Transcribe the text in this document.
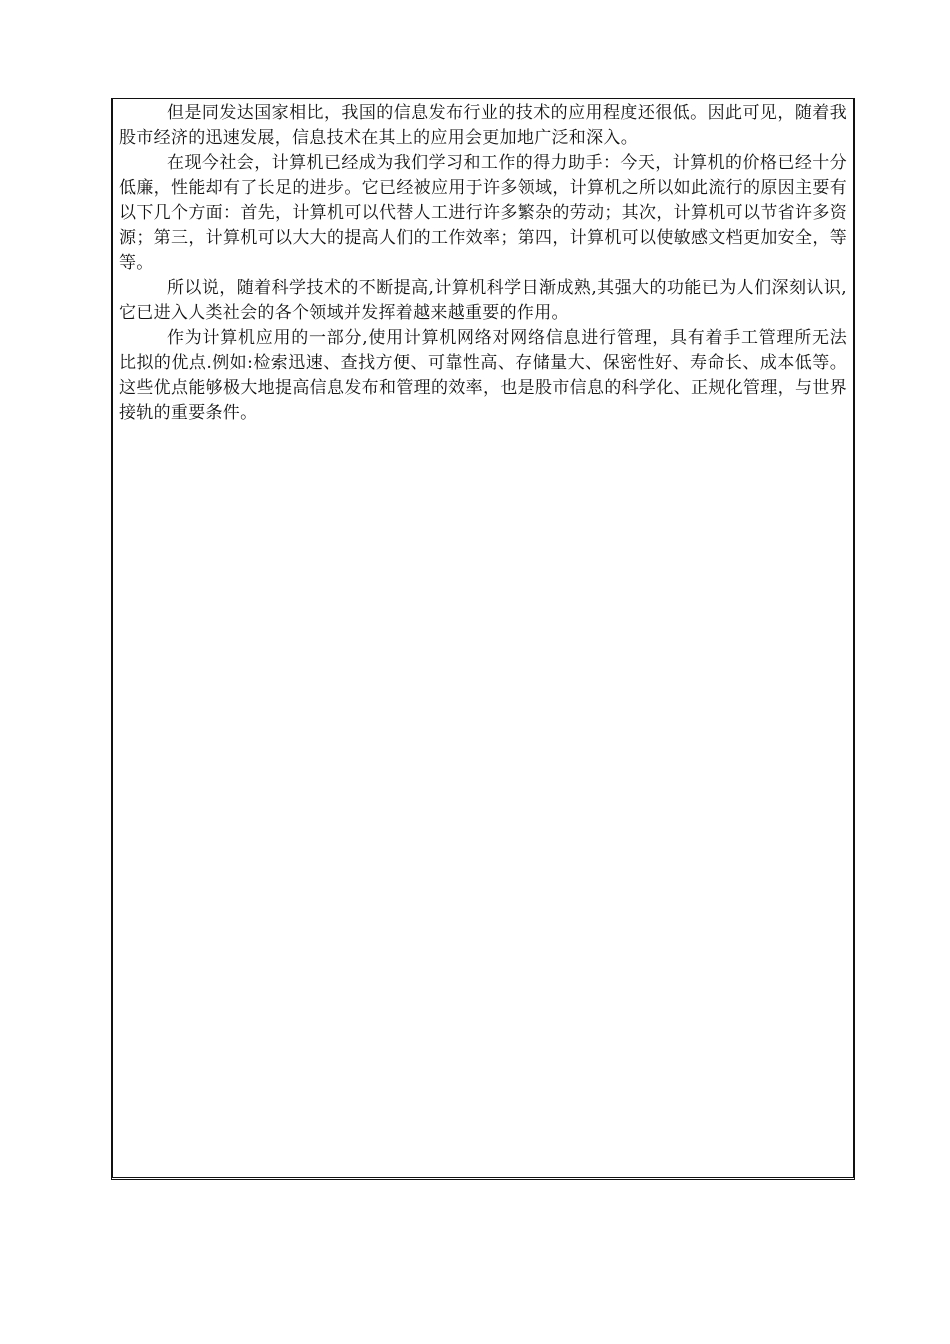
但是同发达国家相比，我国的信息发布行业的技术的应用程度还很低。因此可见，随着我股市经济的迅速发展，信息技术在其上的应用会更加地广泛和深入。

在现今社会，计算机已经成为我们学习和工作的得力助手：今天，计算机的价格已经十分低廉，性能却有了长足的进步。它已经被应用于许多领域，计算机之所以如此流行的原因主要有以下几个方面：首先，计算机可以代替人工进行许多繁杂的劳动；其次，计算机可以节省许多资源；第三，计算机可以大大的提高人们的工作效率；第四，计算机可以使敏感文档更加安全，等等。

所以说，随着科学技术的不断提高,计算机科学日渐成熟,其强大的功能已为人们深刻认识,它已进入人类社会的各个领域并发挥着越来越重要的作用。

作为计算机应用的一部分,使用计算机网络对网络信息进行管理，具有着手工管理所无法比拟的优点.例如:检索迅速、查找方便、可靠性高、存储量大、保密性好、寿命长、成本低等。这些优点能够极大地提高信息发布和管理的效率，也是股市信息的科学化、正规化管理，与世界接轨的重要条件。
